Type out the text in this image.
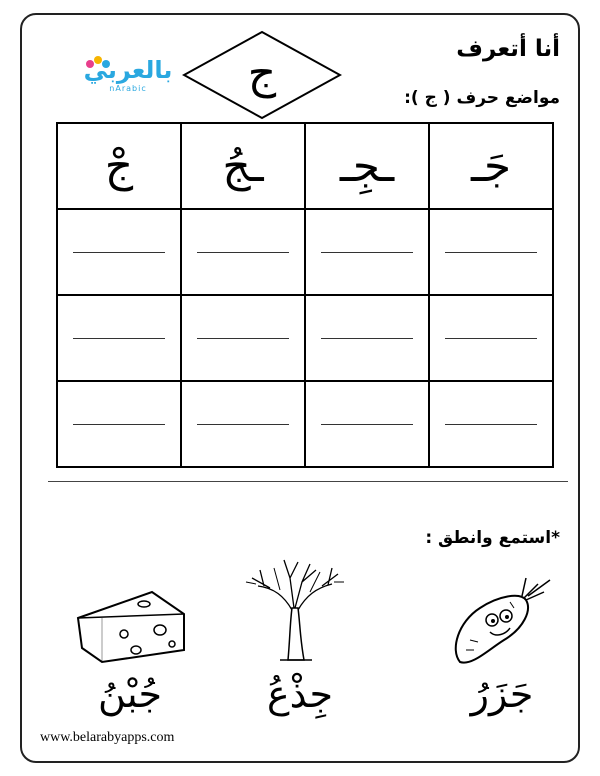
أنا أتعرف
مواضع حرف ( ج ):
ج
بالعربي
nArabic
جْ	ـجُ	ـجِـ	جَـ

*استمع وانطق :
جُبْنُ	جِذْعُ	جَزَرُ
www.belarabyapps.com
